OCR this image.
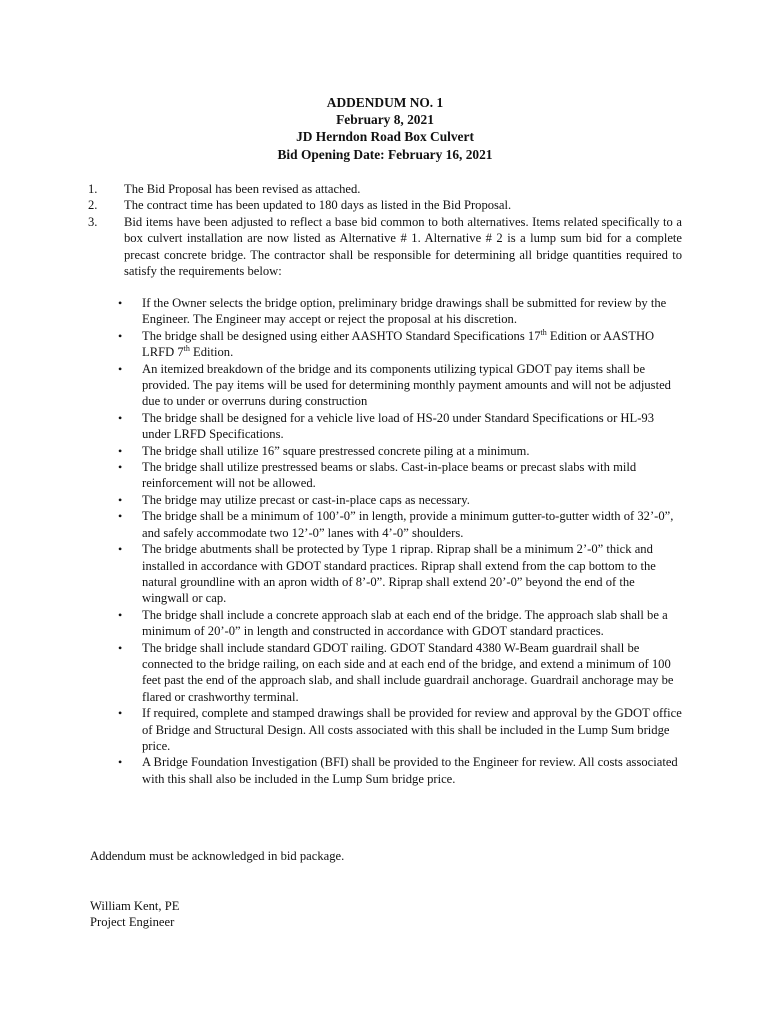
ADDENDUM NO. 1
February 8, 2021
JD Herndon Road Box Culvert
Bid Opening Date: February 16, 2021
1.	The Bid Proposal has been revised as attached.
2.	The contract time has been updated to 180 days as listed in the Bid Proposal.
3.	Bid items have been adjusted to reflect a base bid common to both alternatives. Items related specifically to a box culvert installation are now listed as Alternative # 1. Alternative # 2 is a lump sum bid for a complete precast concrete bridge. The contractor shall be responsible for determining all bridge quantities required to satisfy the requirements below:
•	If the Owner selects the bridge option, preliminary bridge drawings shall be submitted for review by the Engineer. The Engineer may accept or reject the proposal at his discretion.
•	The bridge shall be designed using either AASHTO Standard Specifications 17th Edition or AASTHO LRFD 7th Edition.
•	An itemized breakdown of the bridge and its components utilizing typical GDOT pay items shall be provided. The pay items will be used for determining monthly payment amounts and will not be adjusted due to under or overruns during construction
•	The bridge shall be designed for a vehicle live load of HS-20 under Standard Specifications or HL-93 under LRFD Specifications.
•	The bridge shall utilize 16” square prestressed concrete piling at a minimum.
•	The bridge shall utilize prestressed beams or slabs. Cast-in-place beams or precast slabs with mild reinforcement will not be allowed.
•	The bridge may utilize precast or cast-in-place caps as necessary.
•	The bridge shall be a minimum of 100’-0” in length, provide a minimum gutter-to-gutter width of 32’-0”, and safely accommodate two 12’-0” lanes with 4’-0” shoulders.
•	The bridge abutments shall be protected by Type 1 riprap. Riprap shall be a minimum 2’-0” thick and installed in accordance with GDOT standard practices. Riprap shall extend from the cap bottom to the natural groundline with an apron width of 8’-0”. Riprap shall extend 20’-0” beyond the end of the wingwall or cap.
•	The bridge shall include a concrete approach slab at each end of the bridge. The approach slab shall be a minimum of 20’-0” in length and constructed in accordance with GDOT standard practices.
•	The bridge shall include standard GDOT railing. GDOT Standard 4380 W-Beam guardrail shall be connected to the bridge railing, on each side and at each end of the bridge, and extend a minimum of 100 feet past the end of the approach slab, and shall include guardrail anchorage. Guardrail anchorage may be flared or crashworthy terminal.
•	If required, complete and stamped drawings shall be provided for review and approval by the GDOT office of Bridge and Structural Design. All costs associated with this shall be included in the Lump Sum bridge price.
•	A Bridge Foundation Investigation (BFI) shall be provided to the Engineer for review. All costs associated with this shall also be included in the Lump Sum bridge price.
Addendum must be acknowledged in bid package.
William Kent, PE
Project Engineer
